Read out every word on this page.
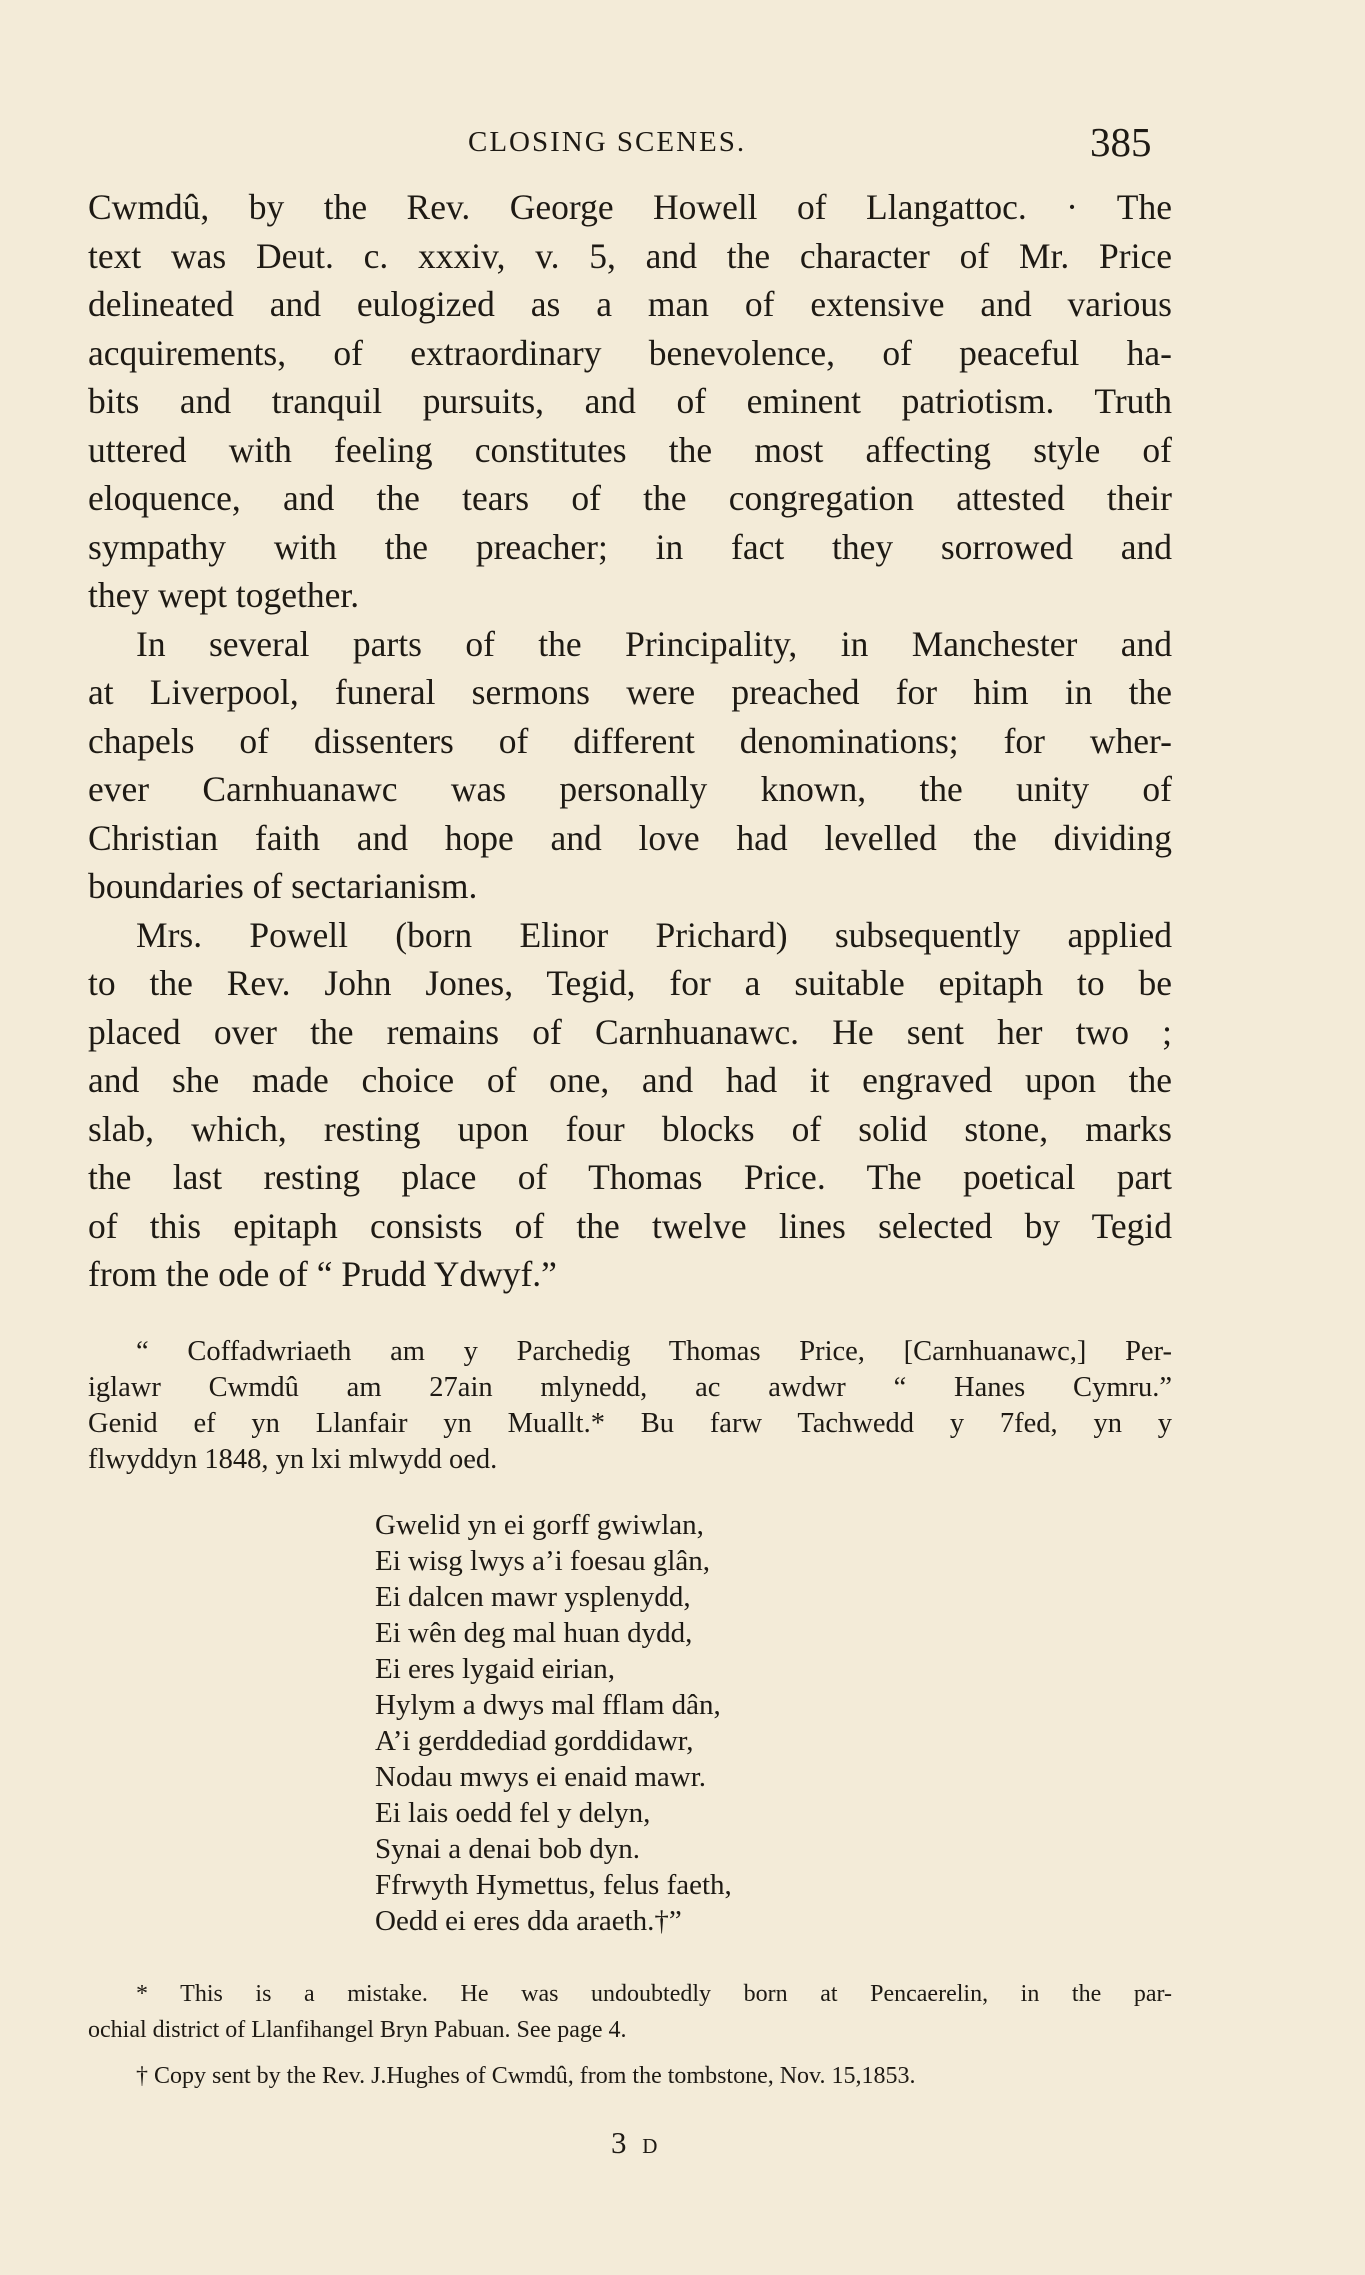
CLOSING SCENES.	385

Cwmdû, by the Rev. George Howell of Llangattoc. · The
text was Deut. c. xxxiv, v. 5, and the character of Mr. Price
delineated and eulogized as a man of extensive and various
acquirements, of extraordinary benevolence, of peaceful ha-
bits and tranquil pursuits, and of eminent patriotism. Truth
uttered with feeling constitutes the most affecting style of
eloquence, and the tears of the congregation attested their
sympathy with the preacher; in fact they sorrowed and
they wept together.

In several parts of the Principality, in Manchester and
at Liverpool, funeral sermons were preached for him in the
chapels of dissenters of different denominations; for wher-
ever Carnhuanawc was personally known, the unity of
Christian faith and hope and love had levelled the dividing
boundaries of sectarianism.

Mrs. Powell (born Elinor Prichard) subsequently applied
to the Rev. John Jones, Tegid, for a suitable epitaph to be
placed over the remains of Carnhuanawc. He sent her two ;
and she made choice of one, and had it engraved upon the
slab, which, resting upon four blocks of solid stone, marks
the last resting place of Thomas Price. The poetical part
of this epitaph consists of the twelve lines selected by Tegid
from the ode of “ Prudd Ydwyf.”

“ Coffadwriaeth am y Parchedig Thomas Price, [Carnhuanawc,] Per-
iglawr Cwmdû am 27ain mlynedd, ac awdwr “ Hanes Cymru.”
Genid ef yn Llanfair yn Muallt.* Bu farw Tachwedd y 7fed, yn y
flwyddyn 1848, yn lxi mlwydd oed.
Gwelid yn ei gorff gwiwlan,
Ei wisg lwys a’i foesau glân,
Ei dalcen mawr ysplenydd,
Ei wên deg mal huan dydd,
Ei eres lygaid eirian,
Hylym a dwys mal fflam dân,
A’i gerddediad gorddidawr,
Nodau mwys ei enaid mawr.
Ei lais oedd fel y delyn,
Synai a denai bob dyn.
Ffrwyth Hymettus, felus faeth,
Oedd ei eres dda araeth.†”
* This is a mistake. He was undoubtedly born at Pencaerelin, in the par-
ochial district of Llanfihangel Bryn Pabuan. See page 4.
† Copy sent by the Rev. J.Hughes of Cwmdû, from the tombstone, Nov. 15,1853.
3 D
